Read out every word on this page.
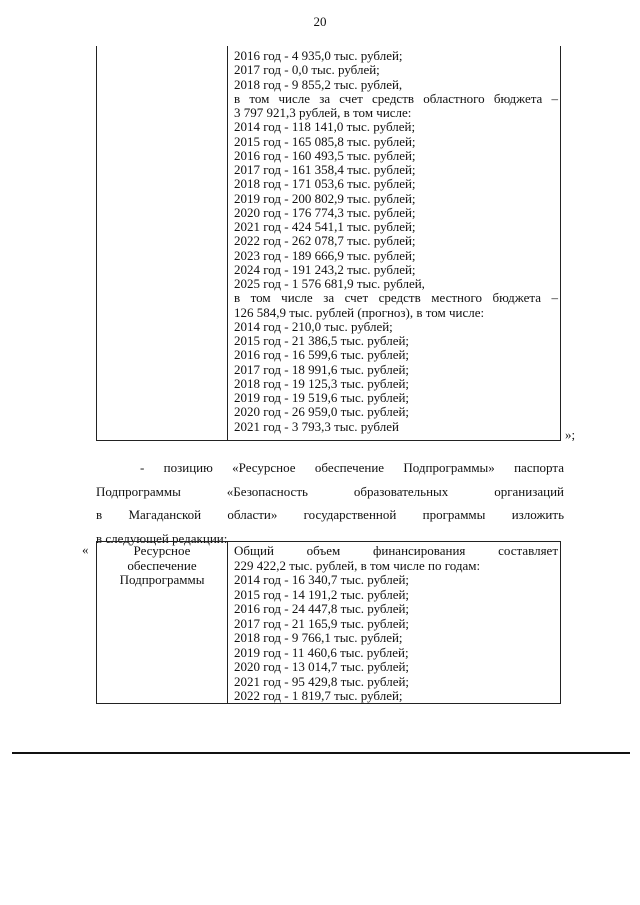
20
2016 год - 4 935,0 тыс. рублей;
2017 год - 0,0 тыс. рублей;
2018 год - 9 855,2 тыс. рублей,
в том числе за счет средств областного бюджета –
3 797 921,3 рублей, в том числе:
2014 год - 118 141,0 тыс. рублей;
2015 год - 165 085,8 тыс. рублей;
2016 год - 160 493,5 тыс. рублей;
2017 год - 161 358,4 тыс. рублей;
2018 год - 171 053,6 тыс. рублей;
2019 год - 200 802,9 тыс. рублей;
2020 год - 176 774,3 тыс. рублей;
2021 год - 424 541,1 тыс. рублей;
2022 год - 262 078,7 тыс. рублей;
2023 год - 189 666,9 тыс. рублей;
2024 год - 191 243,2 тыс. рублей;
2025 год - 1 576 681,9 тыс. рублей,
в том числе за счет средств местного бюджета –
126 584,9 тыс. рублей (прогноз), в том числе:
2014 год - 210,0 тыс. рублей;
2015 год - 21 386,5 тыс. рублей;
2016 год - 16 599,6 тыс. рублей;
2017 год - 18 991,6 тыс. рублей;
2018 год - 19 125,3 тыс. рублей;
2019 год - 19 519,6 тыс. рублей;
2020 год - 26 959,0 тыс. рублей;
2021 год - 3 793,3 тыс. рублей
»;
- позицию «Ресурсное обеспечение Подпрограммы» паспорта
Подпрограммы «Безопасность образовательных организаций
в Магаданской области» государственной программы изложить
в следующей редакции:
«	Ресурсное
обеспечение
Подпрограммы
Общий объем финансирования составляет
229 422,2 тыс. рублей, в том числе по годам:
2014 год - 16 340,7 тыс. рублей;
2015 год - 14 191,2 тыс. рублей;
2016 год - 24 447,8 тыс. рублей;
2017 год - 21 165,9 тыс. рублей;
2018 год - 9 766,1 тыс. рублей;
2019 год - 11 460,6 тыс. рублей;
2020 год - 13 014,7 тыс. рублей;
2021 год - 95 429,8 тыс. рублей;
2022 год - 1 819,7 тыс. рублей;
